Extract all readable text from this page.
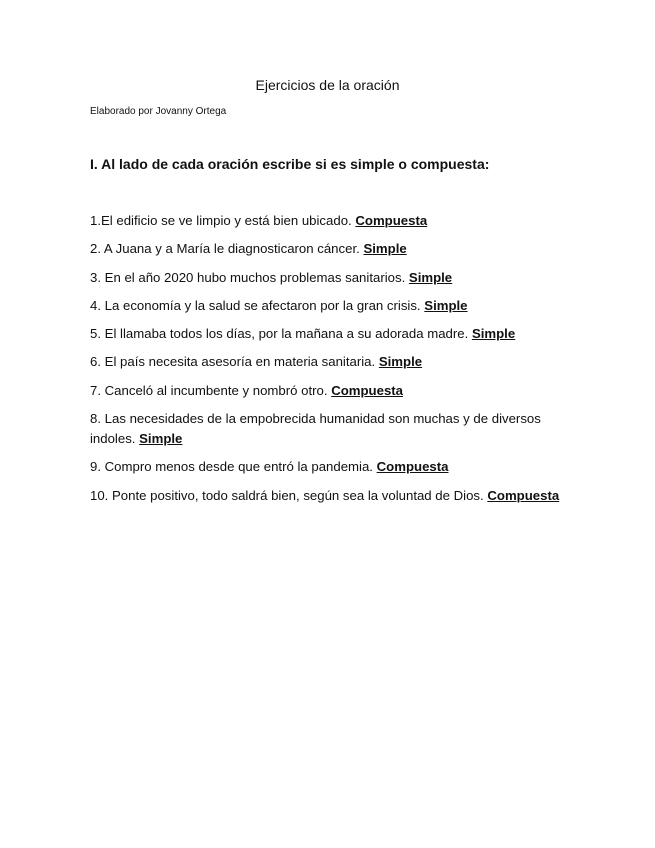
Ejercicios de la oración
Elaborado por Jovanny Ortega
I. Al lado de cada oración escribe si es simple o compuesta:
1.El edificio se ve limpio y está bien ubicado. Compuesta
2. A Juana y a María le diagnosticaron cáncer. Simple
3. En el año 2020 hubo muchos problemas sanitarios. Simple
4. La economía y la salud se afectaron por la gran crisis. Simple
5. El llamaba todos los días, por la mañana a su adorada madre. Simple
6. El país necesita asesoría en materia sanitaria. Simple
7. Canceló al incumbente y nombró otro. Compuesta
8. Las necesidades de la empobrecida humanidad son muchas y de diversos indoles. Simple
9. Compro menos desde que entró la pandemia. Compuesta
10. Ponte positivo, todo saldrá bien, según sea la voluntad de Dios. Compuesta
